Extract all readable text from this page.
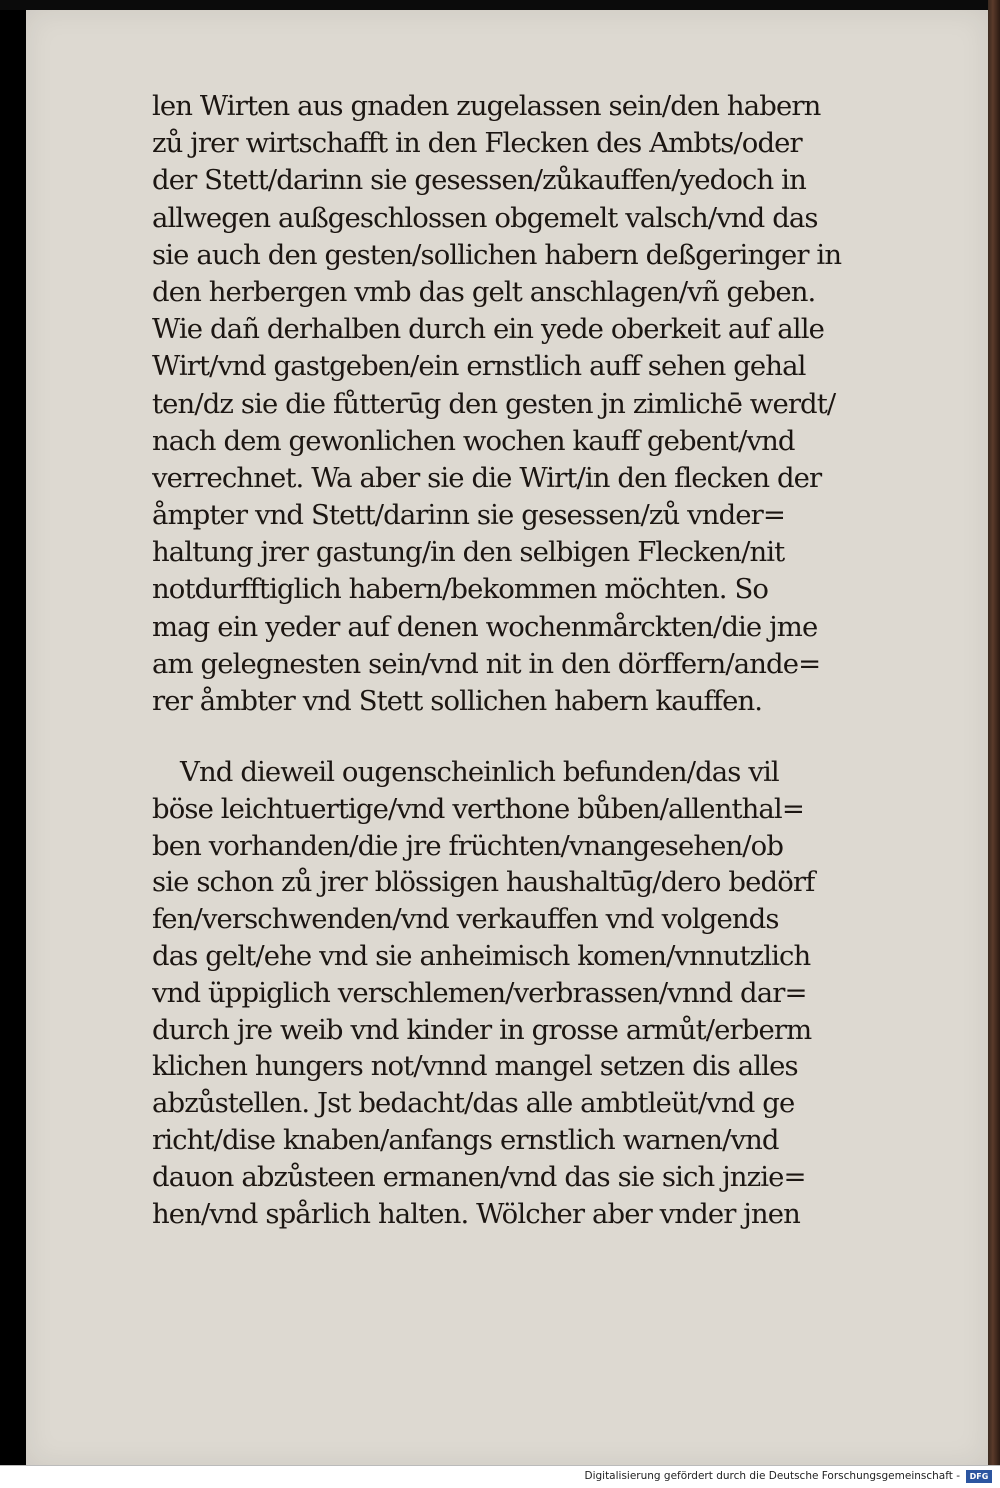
len Wirten aus gnaden zugelassen sein/den habern
zů jrer wirtschafft in den Flecken des Ambts/oder
der Stett/darinn sie gesessen/zůkauffen/yedoch in
allwegen außgeschlossen obgemelt valsch/vnd das
sie auch den gesten/sollichen habern deßgeringer in
den herbergen vmb das gelt anschlagen/vñ geben.
Wie dañ derhalben durch ein yede oberkeit auf alle
Wirt/vnd gastgeben/ein ernstlich auff sehen gehal
ten/dz sie die fůtterūg den gesten jn zimlichē werdt/
nach dem gewonlichen wochen kauff gebent/vnd
verrechnet. Wa aber sie die Wirt/in den flecken der
åmpter vnd Stett/darinn sie gesessen/zů vnder=
haltung jrer gastung/in den selbigen Flecken/nit
notdurfftiglich habern/bekommen möchten. So
mag ein yeder auf denen wochenmårckten/die jme
am gelegnesten sein/vnd nit in den dörffern/ande=
rer åmbter vnd Stett sollichen habern kauffen.
Vnd dieweil ougenscheinlich befunden/das vil
böse leichtuertige/vnd verthone bůben/allenthal=
ben vorhanden/die jre früchten/vnangesehen/ob
sie schon zů jrer blössigen haushaltūg/dero bedörf
fen/verschwenden/vnd verkauffen vnd volgends
das gelt/ehe vnd sie anheimisch komen/vnnutzlich
vnd üppiglich verschlemen/verbrassen/vnnd dar=
durch jre weib vnd kinder in grosse armůt/erberm
klichen hungers not/vnnd mangel setzen dis alles
abzůstellen. Jst bedacht/das alle ambtleüt/vnd ge
richt/dise knaben/anfangs ernstlich warnen/vnd
dauon abzůsteen ermanen/vnd das sie sich jnzie=
hen/vnd spårlich halten. Wölcher aber vnder jnen
Digitalisierung gefördert durch die Deutsche Forschungsgemeinschaft -	DFG
